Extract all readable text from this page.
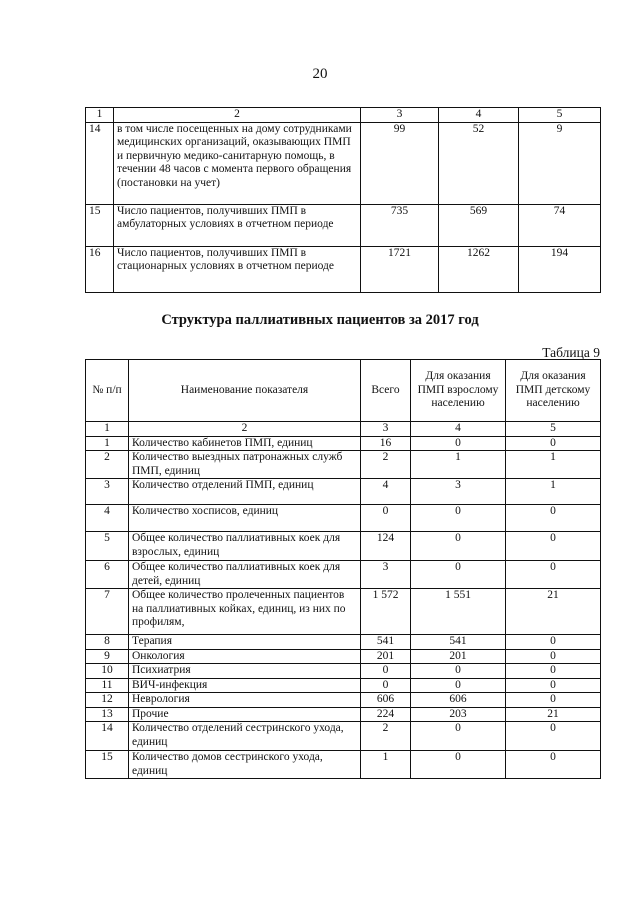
20
1	2	3	4	5
14	в том числе посещенных на дому сотрудниками медицинских организаций, оказывающих ПМП и первичную медико-санитарную помощь, в течении 48 часов с момента первого обращения (постановки на учет)	99	52	9
15	Число пациентов, получивших ПМП в амбулаторных условиях в отчетном периоде	735	569	74
16	Число пациентов, получивших ПМП в стационарных условиях в отчетном периоде	1721	1262	194
Структура паллиативных пациентов за 2017 год
Таблица 9
№ п/п	Наименование показателя	Всего	Для оказания ПМП взрослому населению	Для оказания ПМП детскому населению
1	2	3	4	5
1	Количество кабинетов ПМП, единиц	16	0	0
2	Количество выездных патронажных служб ПМП, единиц	2	1	1
3	Количество отделений ПМП, единиц	4	3	1
4	Количество хосписов, единиц	0	0	0
5	Общее количество паллиативных коек для взрослых, единиц	124	0	0
6	Общее количество паллиативных коек для детей, единиц	3	0	0
7	Общее количество пролеченных пациентов на паллиативных койках, единиц, из них по профилям,	1 572	1 551	21
8	Терапия	541	541	0
9	Онкология	201	201	0
10	Психиатрия	0	0	0
11	ВИЧ-инфекция	0	0	0
12	Неврология	606	606	0
13	Прочие	224	203	21
14	Количество отделений сестринского ухода, единиц	2	0	0
15	Количество домов сестринского ухода, единиц	1	0	0
